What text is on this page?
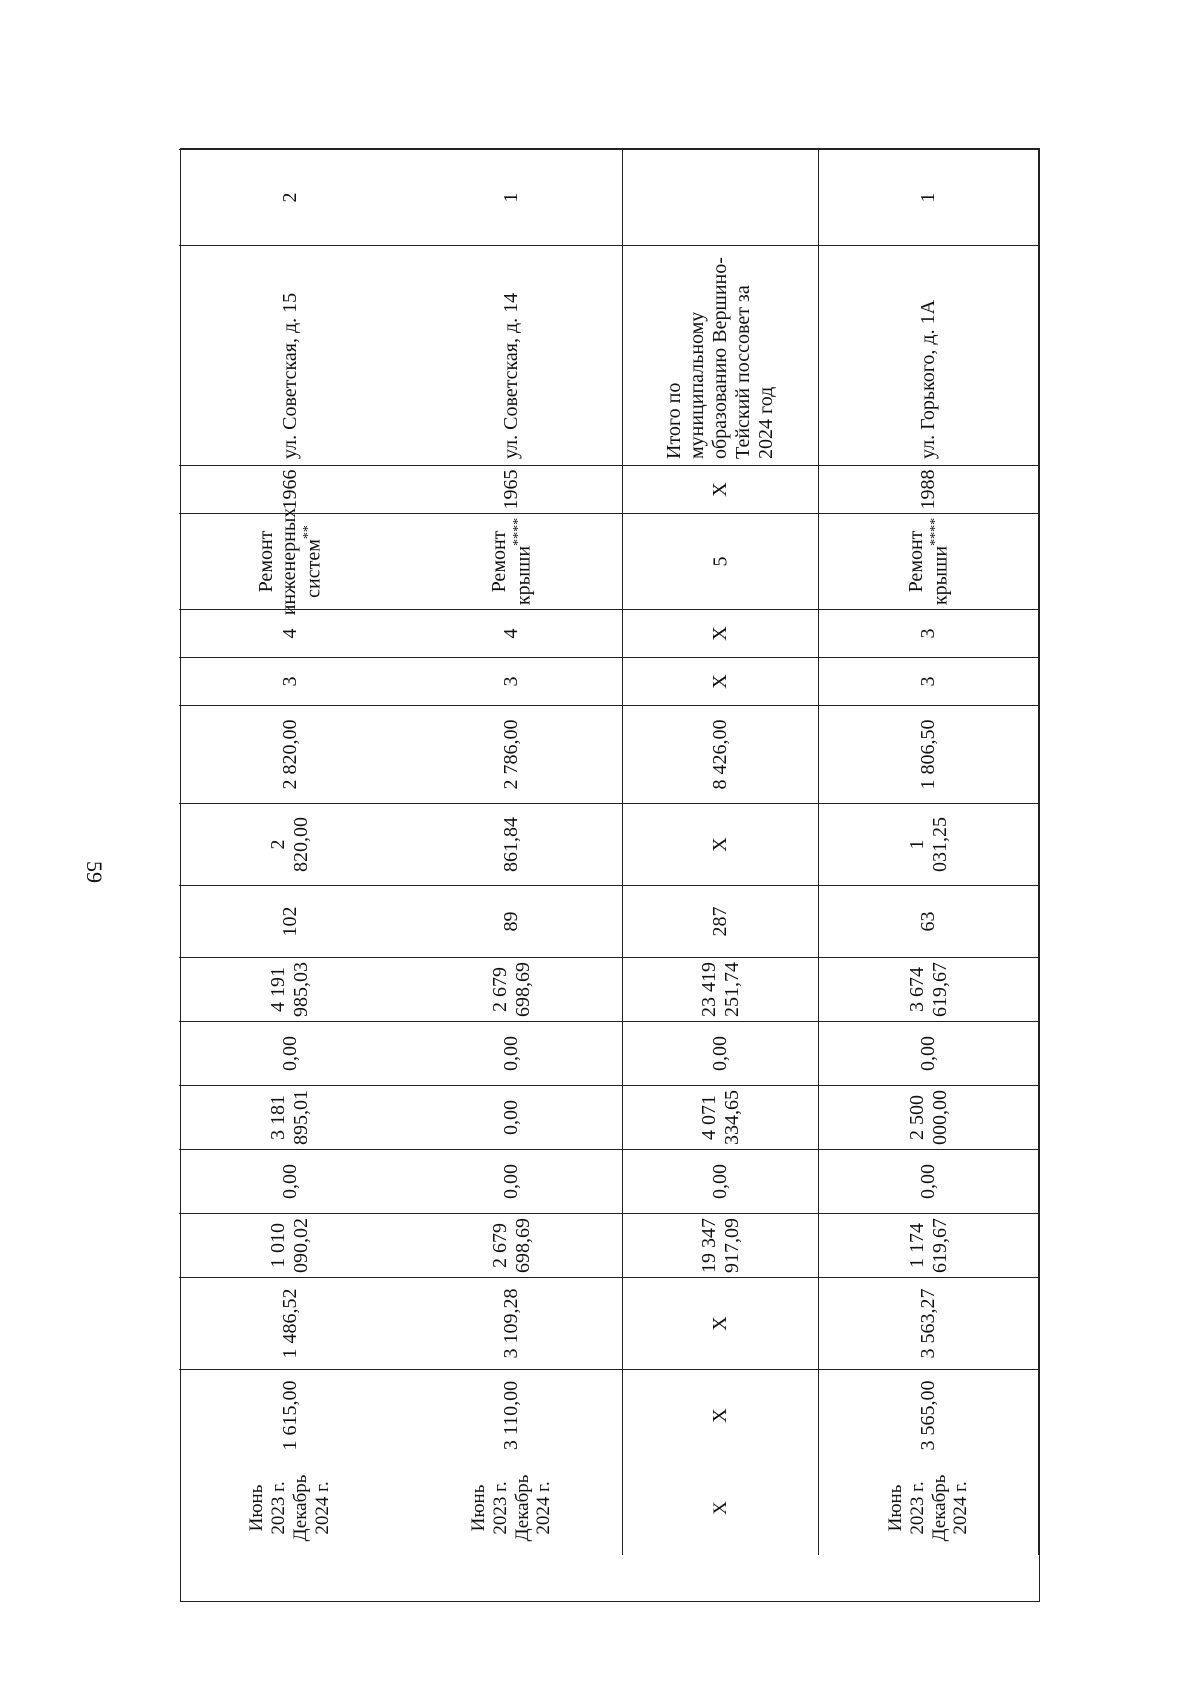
59
1
ул. Горького, д. 1А
1988
Ремонт крыши****
3
3
1 806,50
1 031,25
63
3 674 619,67
0,00
2 500 000,00
0,00
1 174 619,67
3 563,27
3 565,00
Июнь 2023 г. Декабрь 2024 г.
Итого по муниципальному образованию Вершино-Тейский поссовет за 2024 год
Х
5
Х
Х
8 426,00
Х
287
23 419 251,74
0,00
4 071 334,65
0,00
19 347 917,09
Х
Х
Х
1
ул. Советская, д. 14
1965
Ремонт крыши****
4
3
2 786,00
861,84
89
2 679 698,69
0,00
0,00
0,00
2 679 698,69
3 109,28
3 110,00
Июнь 2023 г. Декабрь 2024 г.
2
ул. Советская, д. 15
1966
Ремонт инженерных систем**
4
3
2 820,00
2 820,00
102
4 191 985,03
0,00
3 181 895,01
0,00
1 010 090,02
1 486,52
1 615,00
Июнь 2023 г. Декабрь 2024 г.
